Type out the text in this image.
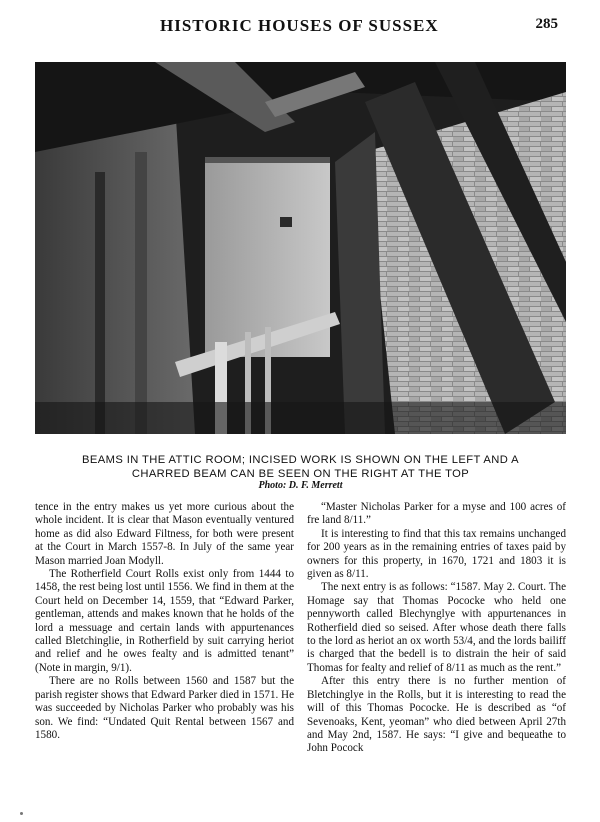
HISTORIC HOUSES OF SUSSEX	285
BEAMS IN THE ATTIC ROOM; INCISED WORK IS SHOWN ON THE LEFT AND A
CHARRED BEAM CAN BE SEEN ON THE RIGHT AT THE TOP
Photo: D. F. Merrett

tence in the entry makes us yet more curious about the whole incident. It is clear that Mason eventually ventured home as did also Edward Filtness, for both were present at the Court in March 1557-8. In July of the same year Mason married Joan Modyll.

The Rotherfield Court Rolls exist only from 1444 to 1458, the rest being lost until 1556. We find in them at the Court held on December 14, 1559, that “Edward Parker, gentleman, attends and makes known that he holds of the lord a messuage and certain lands with appurtenances called Bletchinglie, in Rotherfield by suit carrying heriot and relief and he owes fealty and is admitted tenant” (Note in margin, 9/1).

There are no Rolls between 1560 and 1587 but the parish register shows that Edward Parker died in 1571. He was succeeded by Nicholas Parker who probably was his son. We find: “Undated Quit Rental between 1567 and 1580.

“Master Nicholas Parker for a myse and 100 acres of fre land 8/11.”

It is interesting to find that this tax remains unchanged for 200 years as in the remaining entries of taxes paid by owners for this property, in 1670, 1721 and 1803 it is given as 8/11.

The next entry is as follows: “1587. May 2. Court. The Homage say that Thomas Pococke who held one pennyworth called Blechynglye with appurtenances in Rotherfield died so seised. After whose death there falls to the lord as heriot an ox worth 53/4, and the lords bailiff is charged that the bedell is to distrain the heir of said Thomas for fealty and relief of 8/11 as much as the rent.”

After this entry there is no further mention of Bletchinglye in the Rolls, but it is interesting to read the will of this Thomas Pococke. He is described as “of Sevenoaks, Kent, yeoman” who died between April 27th and May 2nd, 1587. He says: “I give and bequeathe to John Pocock
